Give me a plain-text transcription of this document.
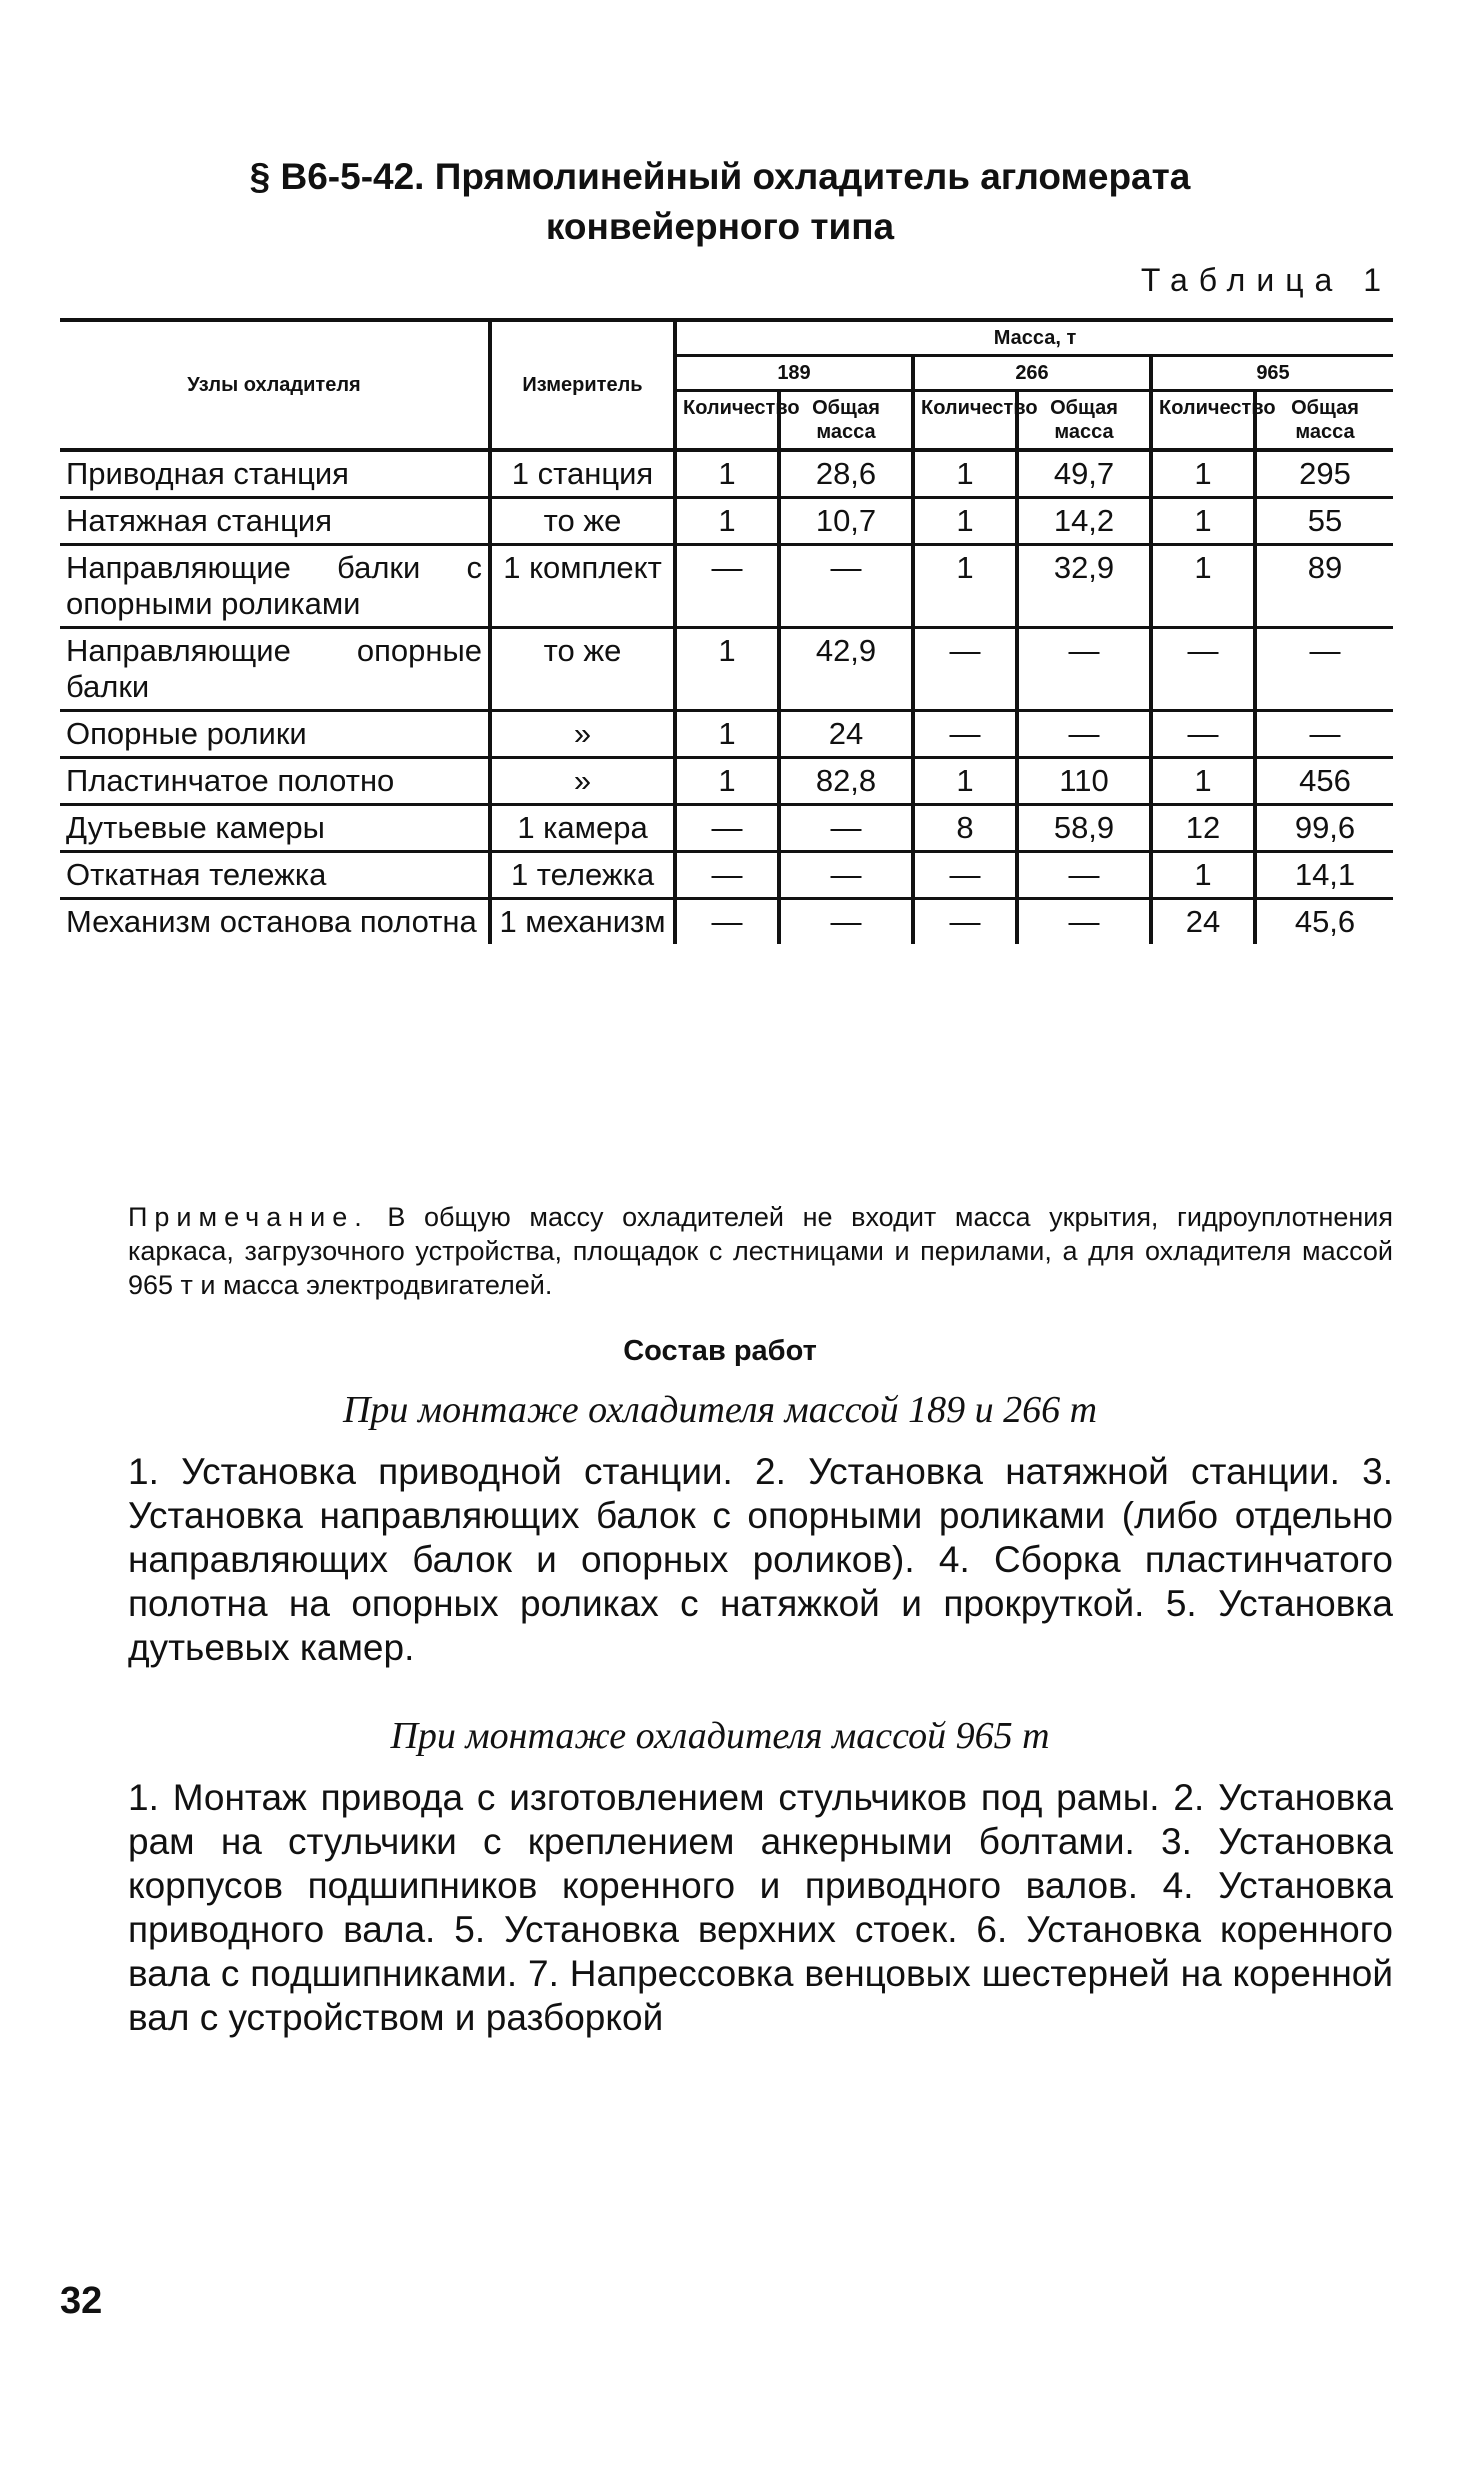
§ В6-5-42. Прямолинейный охладитель агломерата
конвейерного типа
Таблица 1
Узлы охладителя	Измеритель	Масса, т					
		189		266		965	
		Количество	Общая масса	Количество	Общая масса	Количество	Общая масса
Приводная станция	1 станция	1	28,6	1	49,7	1	295
Натяжная станция	то же	1	10,7	1	14,2	1	55
Направляющие балки с опорными роликами	1 комплект	—	—	1	32,9	1	89
Направляющие опорные балки	то же	1	42,9	—	—	—	—
Опорные ролики	»	1	24	—	—	—	—
Пластинчатое полотно	»	1	82,8	1	110	1	456
Дутьевые камеры	1 камера	—	—	8	58,9	12	99,6
Откатная тележка	1 тележка	—	—	—	—	1	14,1
Механизм останова полотна	1 механизм	—	—	—	—	24	45,6
Примечание. В общую массу охладителей не входит масса укрытия, гидроуплотнения каркаса, загрузочного устройства, площадок с лестницами и перилами, а для охладителя массой 965 т и масса электродвигателей.
Состав работ
При монтаже охладителя массой 189 и 266 т
1. Установка приводной станции. 2. Установка натяжной станции. 3. Установка направляющих балок с опорными роликами (либо отдельно направляющих балок и опорных роликов). 4. Сборка пластинчатого полотна на опорных роликах с натяжкой и прокруткой. 5. Установка дутьевых камер.
При монтаже охладителя массой 965 т
1. Монтаж привода с изготовлением стульчиков под рамы. 2. Установка рам на стульчики с креплением анкерными болтами. 3. Установка корпусов подшипников коренного и приводного валов. 4. Установка приводного вала. 5. Установка верхних стоек. 6. Установка коренного вала с подшипниками. 7. Напрессовка венцовых шестерней на коренной вал с устройством и разборкой
32
